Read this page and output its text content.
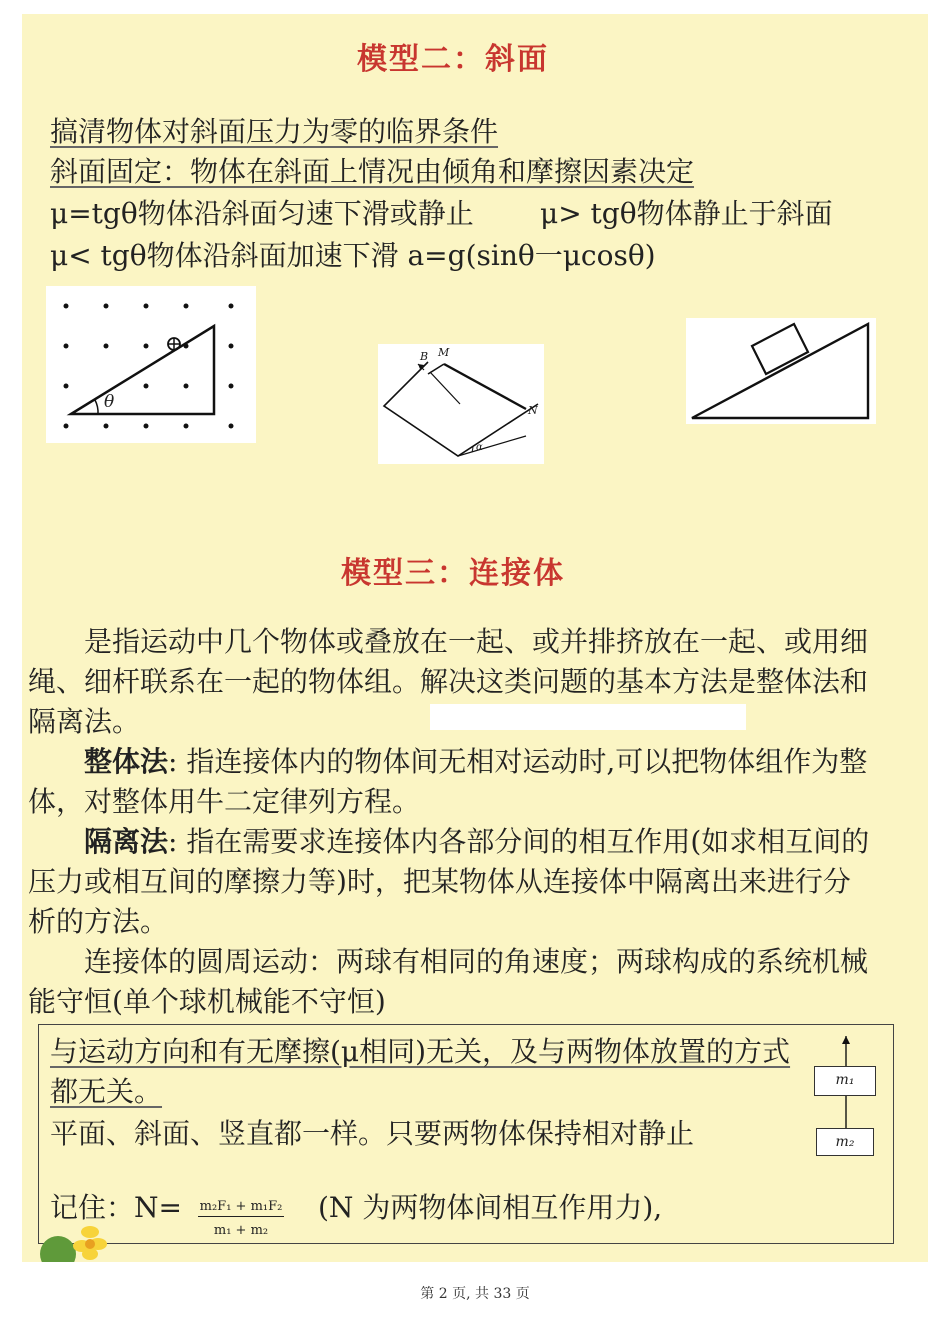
模型二：斜面
搞清物体对斜面压力为零的临界条件
斜面固定：物体在斜面上情况由倾角和摩擦因素决定
μ=tgθ物体沿斜面匀速下滑或静止 μ> tgθ物体静止于斜面
μ< tgθ物体沿斜面加速下滑 a=g(sinθ一μcosθ)
θ
B M
N
α
模型三：连接体
是指运动中几个物体或叠放在一起、或并排挤放在一起、或用细绳、细杆联系在一起的物体组。解决这类问题的基本方法是整体法和隔离法。
整体法: 指连接体内的物体间无相对运动时,可以把物体组作为整体，对整体用牛二定律列方程。
隔离法: 指在需要求连接体内各部分间的相互作用(如求相互间的压力或相互间的摩擦力等)时，把某物体从连接体中隔离出来进行分析的方法。
连接体的圆周运动：两球有相同的角速度；两球构成的系统机械能守恒(单个球机械能不守恒)
与运动方向和有无摩擦(μ相同)无关，及与两物体放置的方式
都无关。
平面、斜面、竖直都一样。只要两物体保持相对静止
记住：N= m₂F₁ + m₁F₂
m₁ + m₂
(N 为两物体间相互作用力),
m₁
m₂
第 2 页, 共 33 页
